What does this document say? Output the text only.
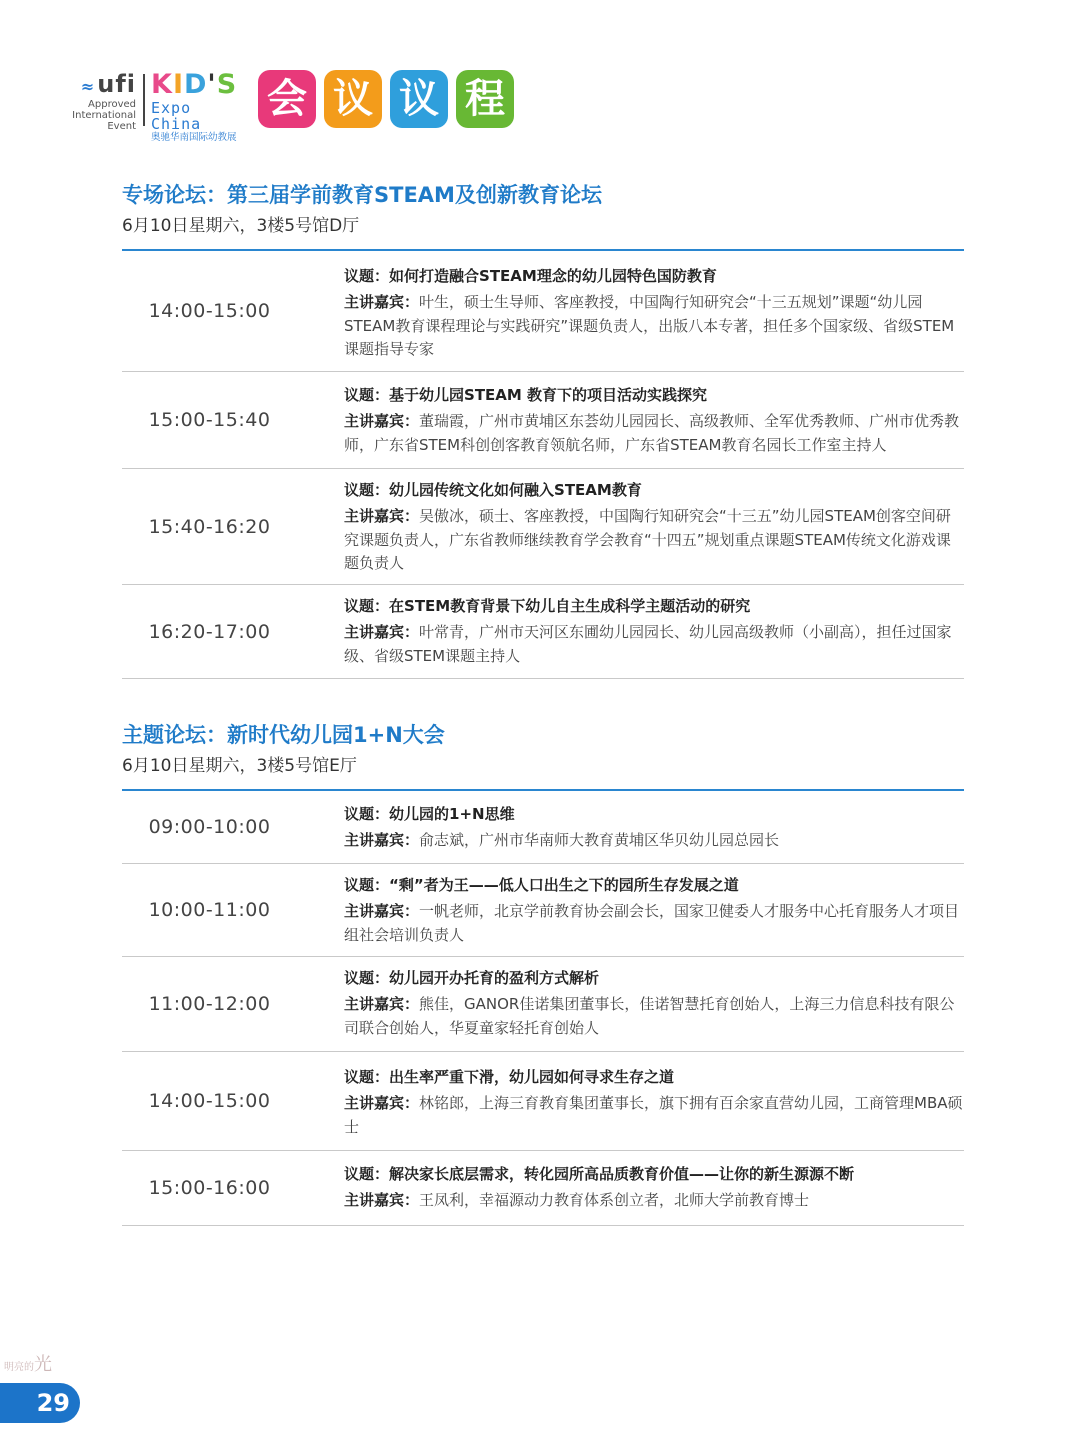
≈ ufi
Approved
International
Event
KID'S
Expo China
奥驰华南国际幼教展
会 议 议 程
专场论坛：第三届学前教育STEAM及创新教育论坛
6月10日星期六，3楼5号馆D厅
14:00-15:00
议题：如何打造融合STEAM理念的幼儿园特色国防教育
主讲嘉宾：叶生，硕士生导师、客座教授，中国陶行知研究会“十三五规划”课题“幼儿园STEAM教育课程理论与实践研究”课题负责人，出版八本专著，担任多个国家级、省级STEM课题指导专家
15:00-15:40
议题：基于幼儿园STEAM 教育下的项目活动实践探究
主讲嘉宾：董瑞霞，广州市黄埔区东荟幼儿园园长、高级教师、全军优秀教师、广州市优秀教师，广东省STEM科创创客教育领航名师，广东省STEAM教育名园长工作室主持人
15:40-16:20
议题：幼儿园传统文化如何融入STEAM教育
主讲嘉宾：吴傲冰，硕士、客座教授，中国陶行知研究会“十三五”幼儿园STEAM创客空间研究课题负责人，广东省教师继续教育学会教育“十四五”规划重点课题STEAM传统文化游戏课题负责人
16:20-17:00
议题：在STEM教育背景下幼儿自主生成科学主题活动的研究
主讲嘉宾：叶常青，广州市天河区东圃幼儿园园长、幼儿园高级教师（小副高），担任过国家级、省级STEM课题主持人
主题论坛：新时代幼儿园1+N大会
6月10日星期六，3楼5号馆E厅
09:00-10:00
议题：幼儿园的1+N思维
主讲嘉宾：俞志斌，广州市华南师大教育黄埔区华贝幼儿园总园长
10:00-11:00
议题：“剩”者为王——低人口出生之下的园所生存发展之道
主讲嘉宾：一帆老师，北京学前教育协会副会长，国家卫健委人才服务中心托育服务人才项目组社会培训负责人
11:00-12:00
议题：幼儿园开办托育的盈利方式解析
主讲嘉宾：熊佳，GANOR佳诺集团董事长，佳诺智慧托育创始人，上海三力信息科技有限公司联合创始人，华夏童家轻托育创始人
14:00-15:00
议题：出生率严重下滑，幼儿园如何寻求生存之道
主讲嘉宾：林铭郎，上海三育教育集团董事长，旗下拥有百余家直营幼儿园，工商管理MBA硕士
15:00-16:00
议题：解决家长底层需求，转化园所高品质教育价值——让你的新生源源不断
主讲嘉宾：王凤利，幸福源动力教育体系创立者，北师大学前教育博士
明亮的光
29
